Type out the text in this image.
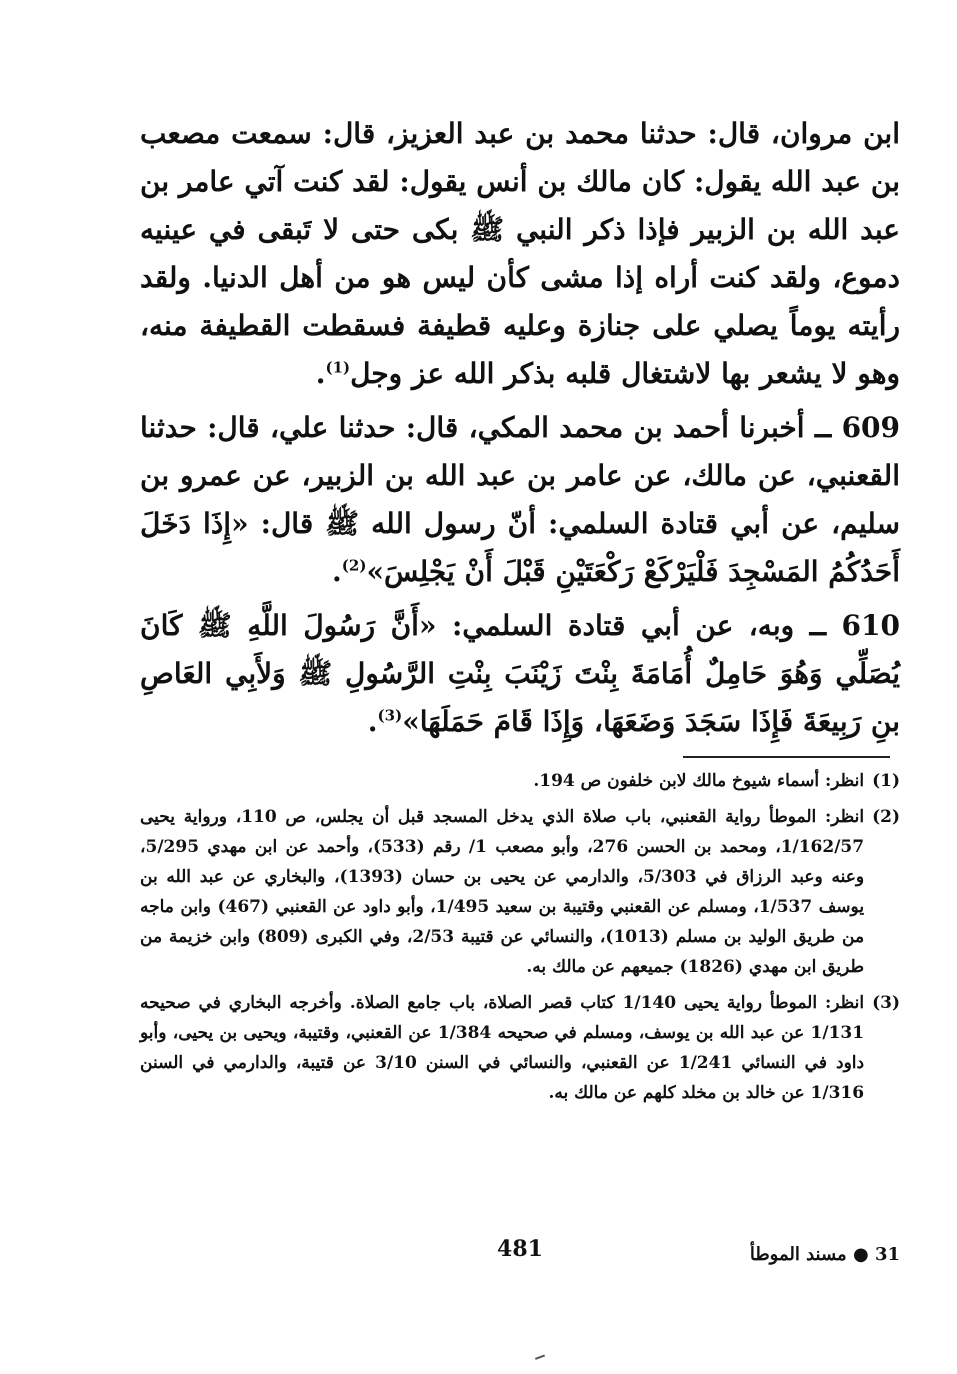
ابن مروان، قال: حدثنا محمد بن عبد العزيز، قال: سمعت مصعب بن عبد الله يقول: كان مالك بن أنس يقول: لقد كنت آتي عامر بن عبد الله بن الزبير فإذا ذكر النبي ﷺ بكى حتى لا تَبقى في عينيه دموع، ولقد كنت أراه إذا مشى كأن ليس هو من أهل الدنيا. ولقد رأيته يوماً يصلي على جنازة وعليه قطيفة فسقطت القطيفة منه، وهو لا يشعر بها لاشتغال قلبه بذكر الله عز وجل$^{(1)}$.

609 ــ أخبرنا أحمد بن محمد المكي، قال: حدثنا علي، قال: حدثنا القعنبي، عن مالك، عن عامر بن عبد الله بن الزبير، عن عمرو بن سليم، عن أبي قتادة السلمي: أنّ رسول الله ﷺ قال: «إِذَا دَخَلَ أَحَدُكُمُ المَسْجِدَ فَلْيَرْكَعْ رَكْعَتَيْنِ قَبْلَ أَنْ يَجْلِسَ»$^{(2)}$.

610 ــ وبه، عن أبي قتادة السلمي: «أَنَّ رَسُولَ اللَّهِ ﷺ كَانَ يُصَلِّي وَهُوَ حَامِلٌ أُمَامَةَ بِنْتَ زَيْنَبَ بِنْتِ الرَّسُولِ ﷺ وَلأَبِي العَاصِ بنِ رَبِيعَةَ فَإِذَا سَجَدَ وَضَعَهَا، وَإِذَا قَامَ حَمَلَهَا»$^{(3)}$.

(1)
انظر: أسماء شيوخ مالك لابن خلفون ص 194.
(2)
انظر: الموطأ رواية القعنبي، باب صلاة الذي يدخل المسجد قبل أن يجلس، ص 110، ورواية يحيى 1/162/57، ومحمد بن الحسن 276، وأبو مصعب 1/ رقم (533)، وأحمد عن ابن مهدي 5/295، وعنه وعبد الرزاق في 5/303، والدارمي عن يحيى بن حسان (1393)، والبخاري عن عبد الله بن يوسف 1/537، ومسلم عن القعنبي وقتيبة بن سعيد 1/495، وأبو داود عن القعنبي (467) وابن ماجه من طريق الوليد بن مسلم (1013)، والنسائي عن قتيبة 2/53، وفي الكبرى (809) وابن خزيمة من طريق ابن مهدي (1826) جميعهم عن مالك به.
(3)
انظر: الموطأ رواية يحيى 1/140 كتاب قصر الصلاة، باب جامع الصلاة. وأخرجه البخاري في صحيحه 1/131 عن عبد الله بن يوسف، ومسلم في صحيحه 1/384 عن القعنبي، وقتيبة، ويحيى بن يحيى، وأبو داود في النسائي 1/241 عن القعنبي، والنسائي في السنن 3/10 عن قتيبة، والدارمي في السنن 1/316 عن خالد بن مخلد كلهم عن مالك به.
31 ● مسند الموطأ
481
